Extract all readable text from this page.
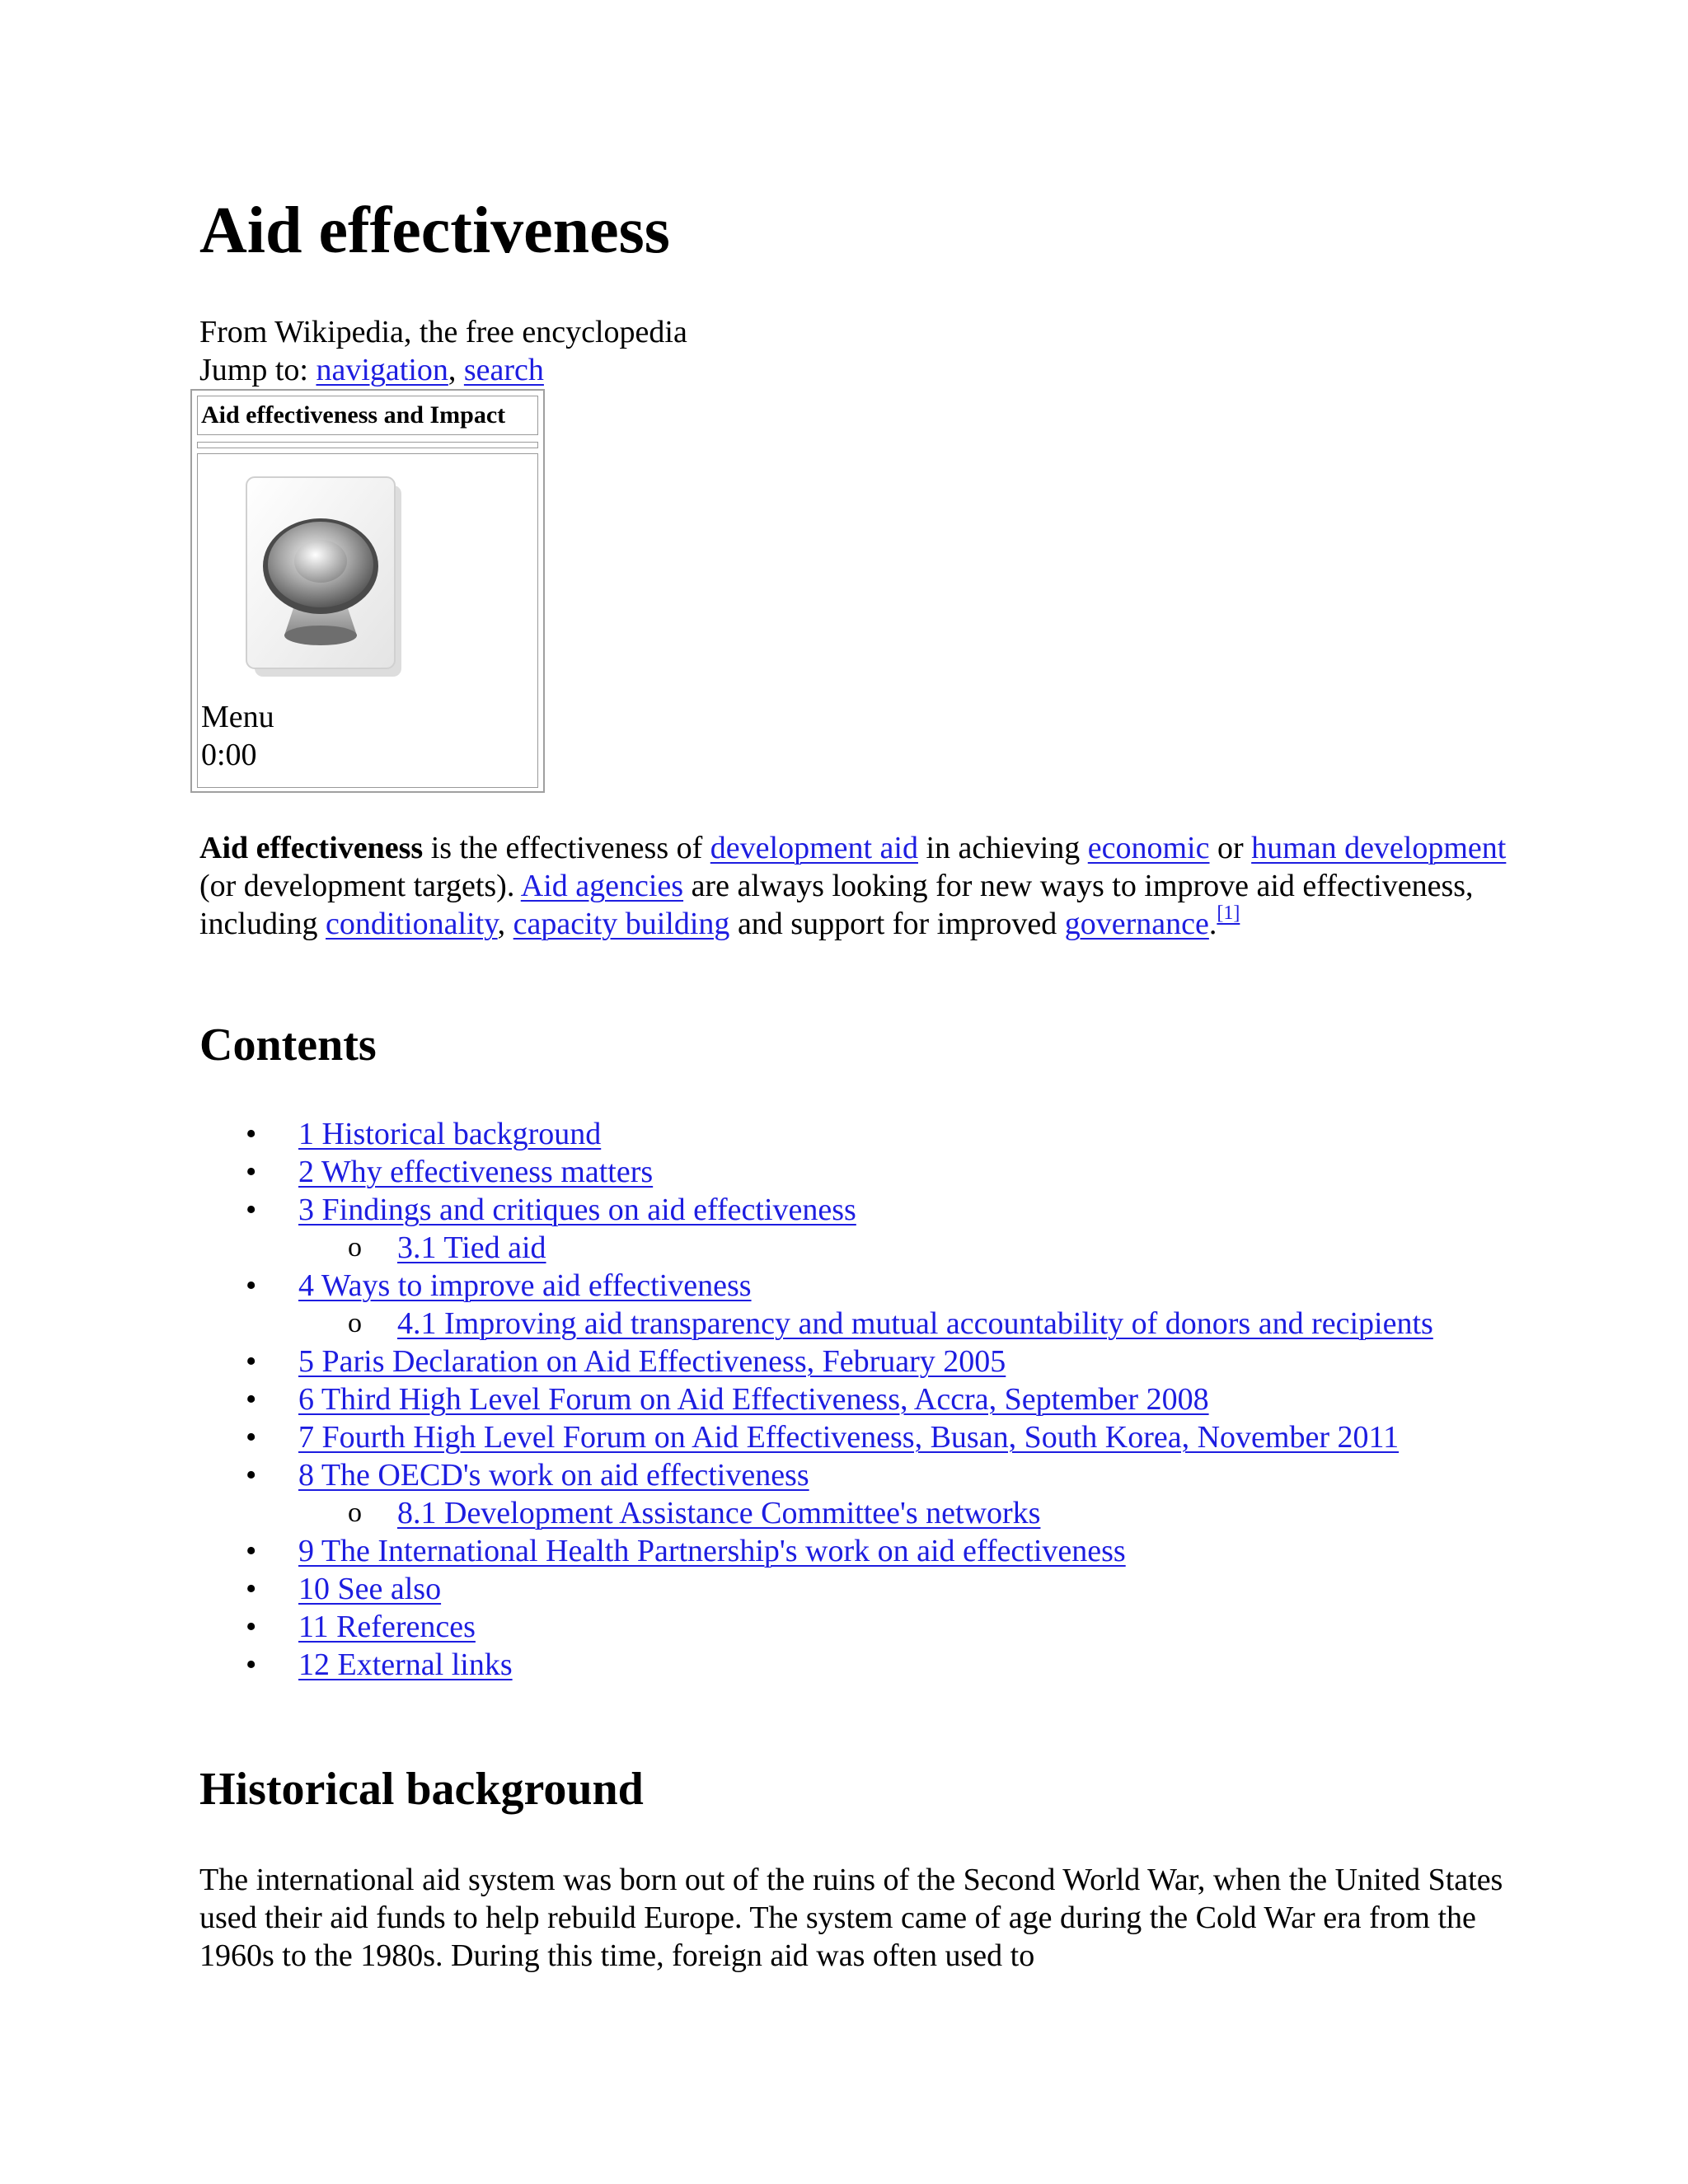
Aid effectiveness
From Wikipedia, the free encyclopedia
Jump to: navigation, search
Aid effectiveness and Impact
Menu
0:00

Aid effectiveness is the effectiveness of development aid in achieving economic or human development (or development targets). Aid agencies are always looking for new ways to improve aid effectiveness, including conditionality, capacity building and support for improved governance.[1]

Contents
• 1 Historical background
• 2 Why effectiveness matters
• 3 Findings and critiques on aid effectiveness
o 3.1 Tied aid
• 4 Ways to improve aid effectiveness
o 4.1 Improving aid transparency and mutual accountability of donors and recipients
• 5 Paris Declaration on Aid Effectiveness, February 2005
• 6 Third High Level Forum on Aid Effectiveness, Accra, September 2008
• 7 Fourth High Level Forum on Aid Effectiveness, Busan, South Korea, November 2011
• 8 The OECD's work on aid effectiveness
o 8.1 Development Assistance Committee's networks
• 9 The International Health Partnership's work on aid effectiveness
• 10 See also
• 11 References
• 12 External links
Historical background

The international aid system was born out of the ruins of the Second World War, when the United States used their aid funds to help rebuild Europe. The system came of age during the Cold War era from the 1960s to the 1980s. During this time, foreign aid was often used to
